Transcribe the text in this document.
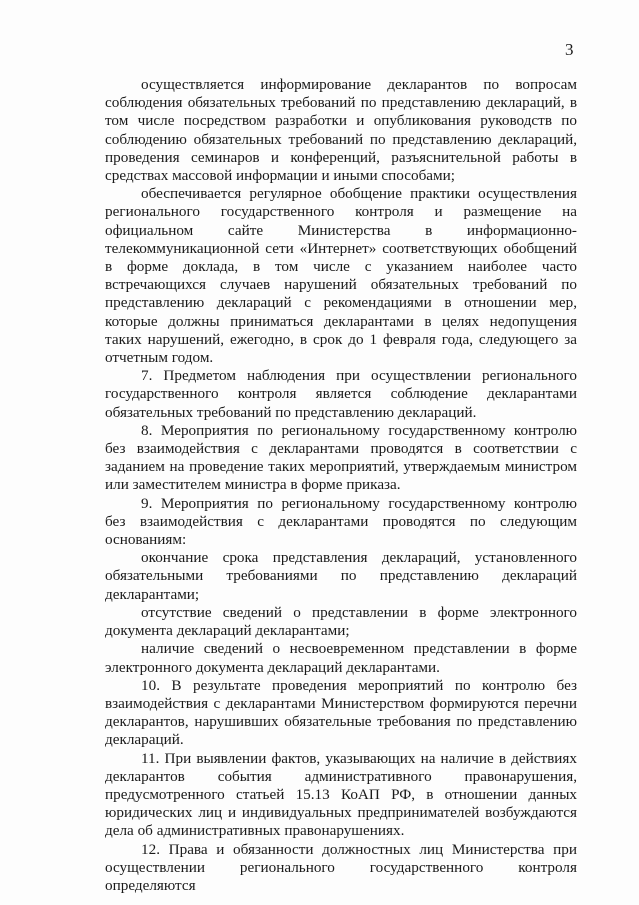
3

осуществляется информирование декларантов по вопросам соблюдения обязательных требований по представлению деклараций, в том числе посредством разработки и опубликования руководств по соблюдению обязательных требований по представлению деклараций, проведения семинаров и конференций, разъяснительной работы в средствах массовой информации и иными способами;

обеспечивается регулярное обобщение практики осуществления регионального государственного контроля и размещение на официальном сайте Министерства в информационно-телекоммуникационной сети «Интернет» соответствующих обобщений в форме доклада, в том числе с указанием наиболее часто встречающихся случаев нарушений обязательных требований по представлению деклараций с рекомендациями в отношении мер, которые должны приниматься декларантами в целях недопущения таких нарушений, ежегодно, в срок до 1 февраля года, следующего за отчетным годом.

7. Предметом наблюдения при осуществлении регионального государственного контроля является соблюдение декларантами обязательных требований по представлению деклараций.

8. Мероприятия по региональному государственному контролю без взаимодействия с декларантами проводятся в соответствии с заданием на проведение таких мероприятий, утверждаемым министром или заместителем министра в форме приказа.

9. Мероприятия по региональному государственному контролю без взаимодействия с декларантами проводятся по следующим основаниям:

окончание срока представления деклараций, установленного обязательными требованиями по представлению деклараций декларантами;

отсутствие сведений о представлении в форме электронного документа деклараций декларантами;

наличие сведений о несвоевременном представлении в форме электронного документа деклараций декларантами.

10. В результате проведения мероприятий по контролю без взаимодействия с декларантами Министерством формируются перечни декларантов, нарушивших обязательные требования по представлению деклараций.

11. При выявлении фактов, указывающих на наличие в действиях декларантов события административного правонарушения, предусмотренного статьей 15.13 КоАП РФ, в отношении данных юридических лиц и индивидуальных предпринимателей возбуждаются дела об административных правонарушениях.

12. Права и обязанности должностных лиц Министерства при осуществлении регионального государственного контроля определяются
